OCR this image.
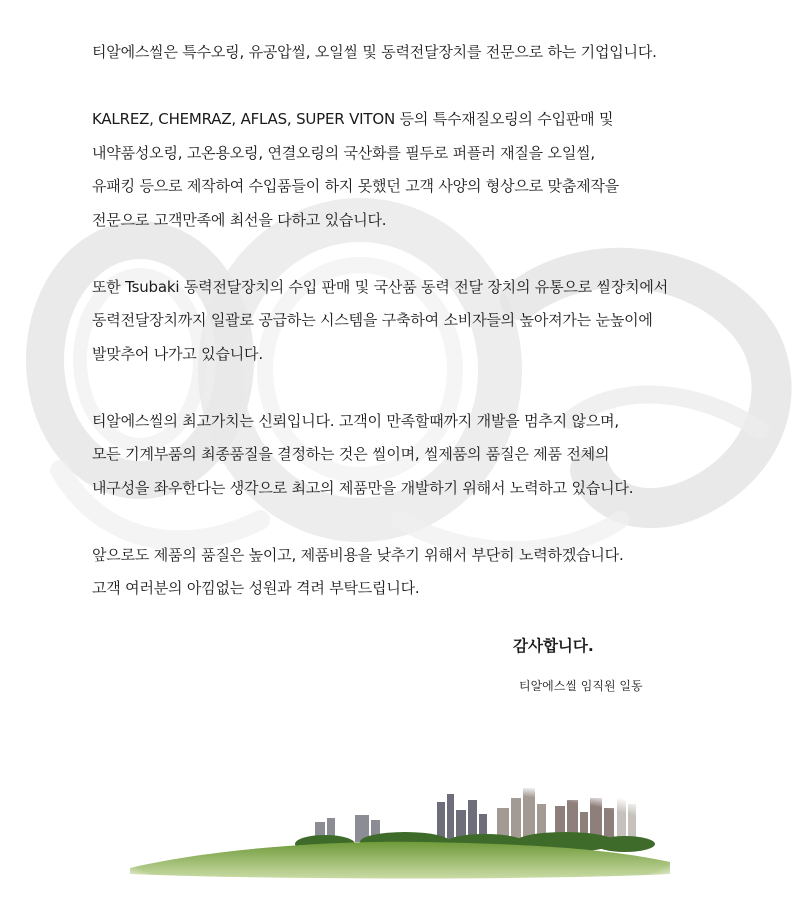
티알에스씰은 특수오링, 유공압씰, 오일씰 및 동력전달장치를 전문으로 하는 기업입니다.
KALREZ, CHEMRAZ, AFLAS, SUPER VITON 등의 특수재질오링의 수입판매 및
내약품성오링, 고온용오링, 연결오링의 국산화를 필두로 퍼플러 재질을 오일씰,
유패킹 등으로 제작하여 수입품들이 하지 못했던 고객 사양의 형상으로 맞춤제작을
전문으로 고객만족에 최선을 다하고 있습니다.
또한 Tsubaki 동력전달장치의 수입 판매 및 국산품 동력 전달 장치의 유통으로 씰장치에서
동력전달장치까지 일괄로 공급하는 시스템을 구축하여 소비자들의 높아져가는 눈높이에
발맞추어 나가고 있습니다.
티알에스씰의 최고가치는 신뢰입니다. 고객이 만족할때까지 개발을 멈추지 않으며,
모든 기계부품의 최종품질을 결정하는 것은 씰이며, 씰제품의 품질은 제품 전체의
내구성을 좌우한다는 생각으로 최고의 제품만을 개발하기 위해서 노력하고 있습니다.
앞으로도 제품의 품질은 높이고, 제품비용을 낮추기 위해서 부단히 노력하겠습니다.
고객 여러분의 아낌없는 성원과 격려 부탁드립니다.
감사합니다.
티알에스씰 임직원 일동
